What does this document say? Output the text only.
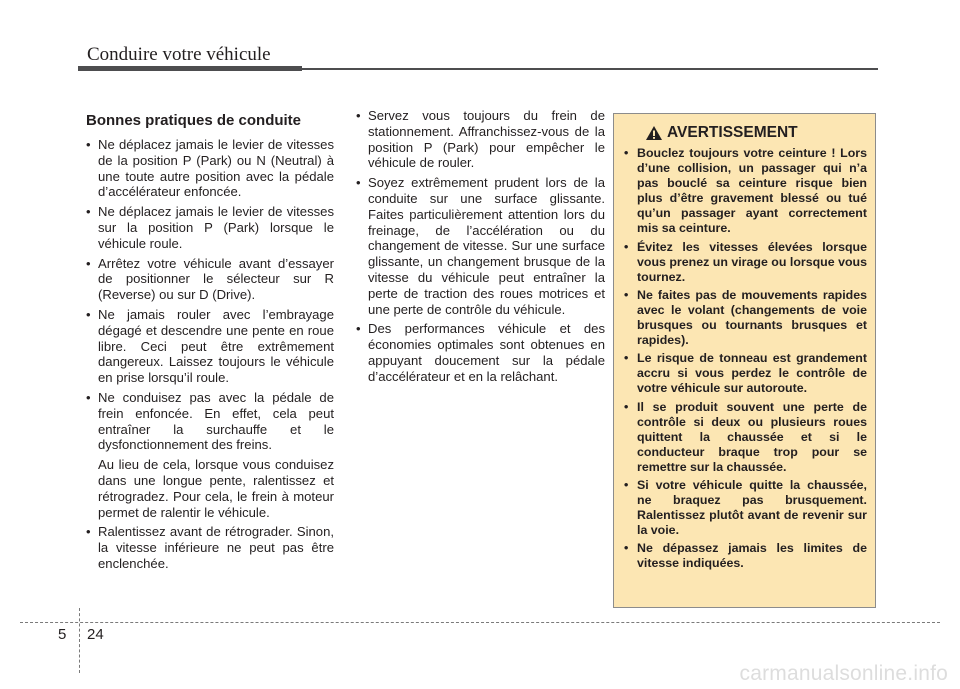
Conduire votre véhicule
Bonnes pratiques de conduite
• Ne déplacez jamais le levier de vitesses de la position P (Park) ou N (Neutral) à une toute autre position avec la pédale d’accélérateur enfoncée.
• Ne déplacez jamais le levier de vitesses sur la position P (Park) lorsque le véhicule roule.
• Arrêtez votre véhicule avant d’essayer de positionner le sélecteur sur R (Reverse) ou sur D (Drive).
• Ne jamais rouler avec l’embrayage dégagé et descendre une pente en roue libre. Ceci peut être extrêmement dangereux. Laissez toujours le véhicule en prise lorsqu’il roule.
• Ne conduisez pas avec la pédale de frein enfoncée. En effet, cela peut entraîner la surchauffe et le dysfonctionnement des freins.

Au lieu de cela, lorsque vous conduisez dans une longue pente, ralentissez et rétrogradez. Pour cela, le frein à moteur permet de ralentir le véhicule.

• Ralentissez avant de rétrograder. Sinon, la vitesse inférieure ne peut pas être enclenchée.
• Servez vous toujours du frein de stationnement. Affranchissez-vous de la position P (Park) pour empêcher le véhicule de rouler.
• Soyez extrêmement prudent lors de la conduite sur une surface glissante. Faites particulièrement attention lors du freinage, de l’accélération ou du changement de vitesse. Sur une surface glissante, un changement brusque de la vitesse du véhicule peut entraîner la perte de traction des roues motrices et une perte de contrôle du véhicule.
• Des performances véhicule et des économies optimales sont obtenues en appuyant doucement sur la pédale d’accélérateur et en la relâchant.
AVERTISSEMENT
• Bouclez toujours votre ceinture ! Lors d’une collision, un passager qui n’a pas bouclé sa ceinture risque bien plus d’être gravement blessé ou tué qu’un passager ayant correctement mis sa ceinture.
• Évitez les vitesses élevées lorsque vous prenez un virage ou lorsque vous tournez.
• Ne faites pas de mouvements rapides avec le volant (changements de voie brusques ou tournants brusques et rapides).
• Le risque de tonneau est grandement accru si vous perdez le contrôle de votre véhicule sur autoroute.
• Il se produit souvent une perte de contrôle si deux ou plusieurs roues quittent la chaussée et si le conducteur braque trop pour se remettre sur la chaussée.
• Si votre véhicule quitte la chaussée, ne braquez pas brusquement. Ralentissez plutôt avant de revenir sur la voie.
• Ne dépassez jamais les limites de vitesse indiquées.
5 24
carmanualsonline.info
